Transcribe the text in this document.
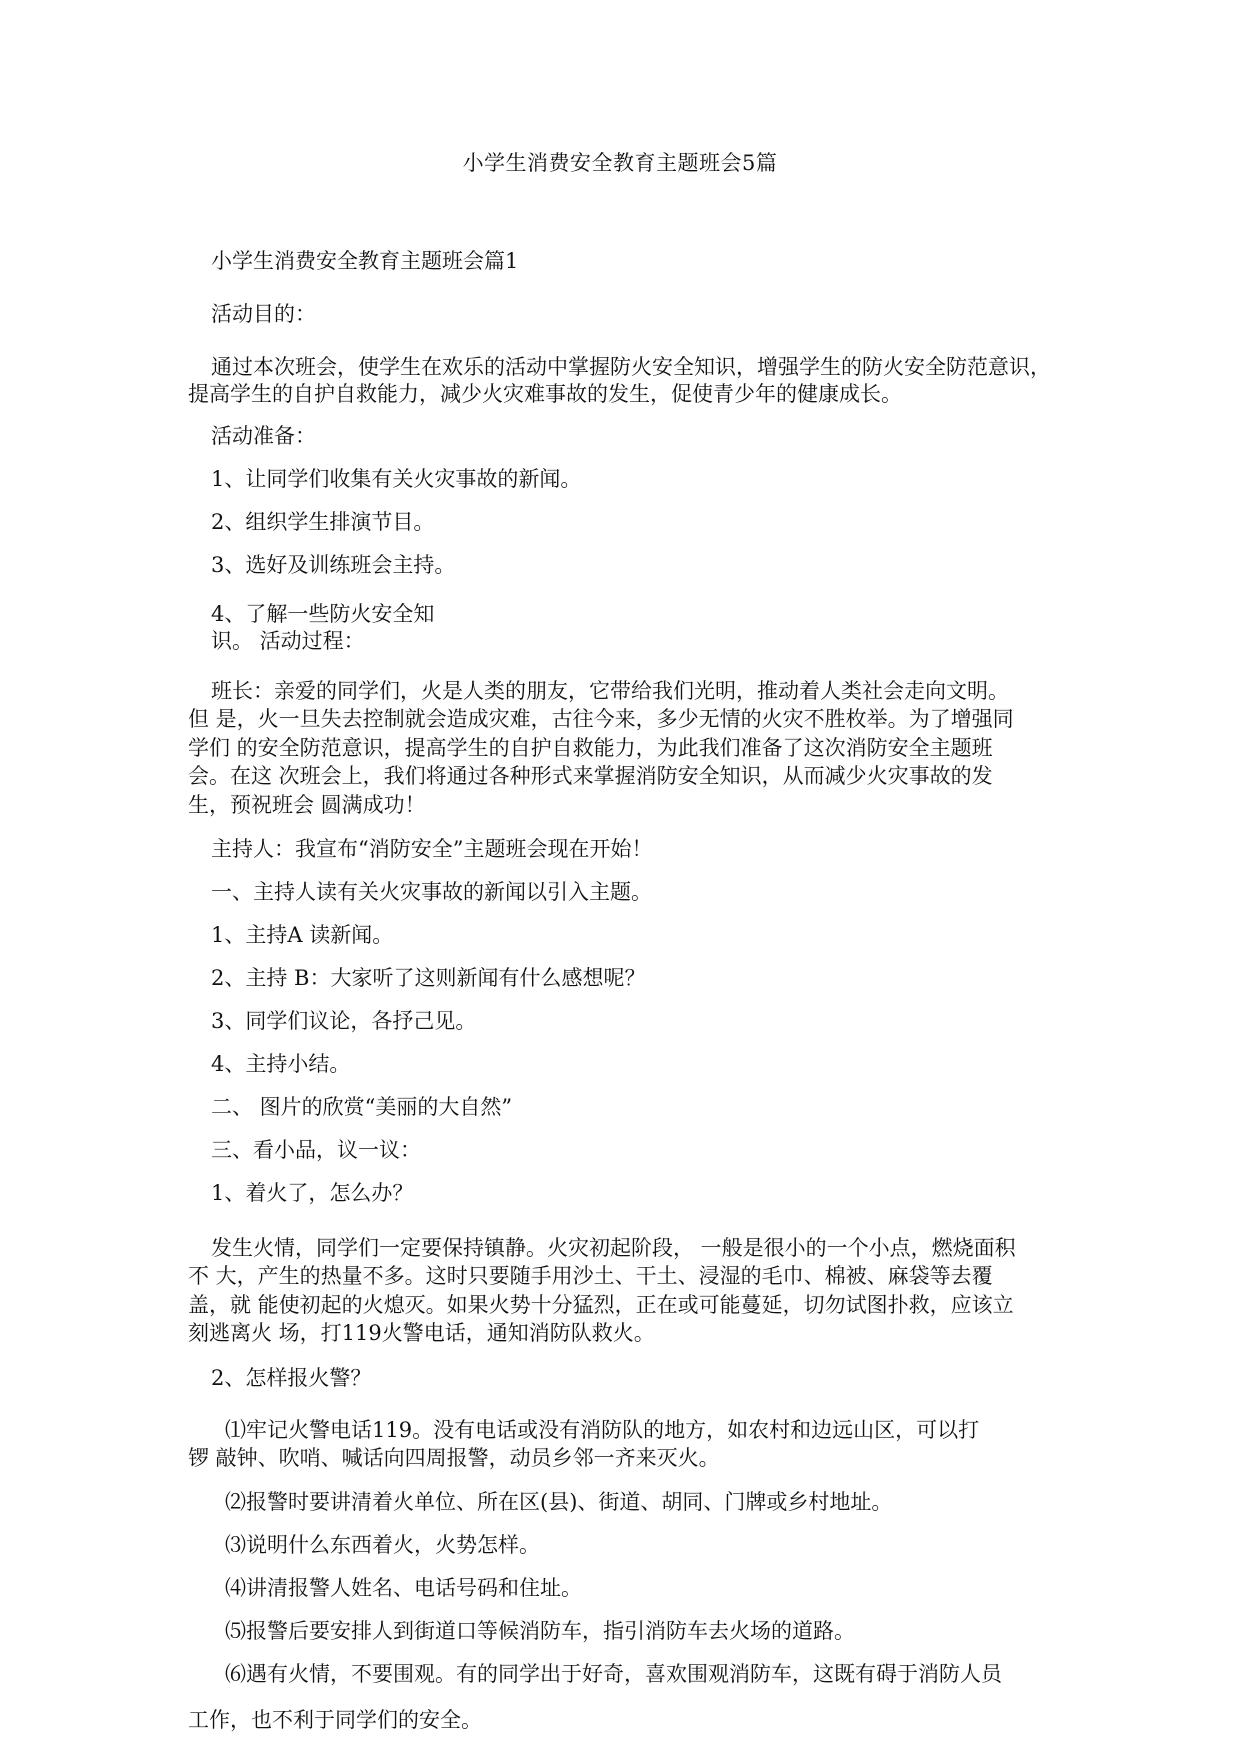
小学生消费安全教育主题班会5篇
小学生消费安全教育主题班会篇1
活动目的：
通过本次班会，使学生在欢乐的活动中掌握防火安全知识，增强学生的防火安全防范意识，
提高学生的自护自救能力，减少火灾难事故的发生，促使青少年的健康成长。
活动准备：
1、让同学们收集有关火灾事故的新闻。
2、组织学生排演节目。
3、选好及训练班会主持。
4、了解一些防火安全知
识。 活动过程：
班长：亲爱的同学们，火是人类的朋友，它带给我们光明，推动着人类社会走向文明。
但 是，火一旦失去控制就会造成灾难，古往今来，多少无情的火灾不胜枚举。为了增强同
学们 的安全防范意识，提高学生的自护自救能力，为此我们准备了这次消防安全主题班
会。在这 次班会上，我们将通过各种形式来掌握消防安全知识，从而减少火灾事故的发
生，预祝班会 圆满成功！
主持人：我宣布“消防安全”主题班会现在开始！
一、主持人读有关火灾事故的新闻以引入主题。
1、主持A 读新闻。
2、主持 B：大家听了这则新闻有什么感想呢？
3、同学们议论，各抒己见。
4、主持小结。
二、 图片的欣赏“美丽的大自然”
三、看小品，议一议：
1、着火了，怎么办？
发生火情，同学们一定要保持镇静。火灾初起阶段， 一般是很小的一个小点，燃烧面积
不 大，产生的热量不多。这时只要随手用沙土、干土、浸湿的毛巾、棉被、麻袋等去覆
盖，就 能使初起的火熄灭。如果火势十分猛烈，正在或可能蔓延，切勿试图扑救，应该立
刻逃离火 场，打119火警电话，通知消防队救火。
2、怎样报火警？
⑴牢记火警电话119。没有电话或没有消防队的地方，如农村和边远山区，可以打
锣 敲钟、吹哨、喊话向四周报警，动员乡邻一齐来灭火。
⑵报警时要讲清着火单位、所在区(县)、街道、胡同、门牌或乡村地址。
⑶说明什么东西着火，火势怎样。
⑷讲清报警人姓名、电话号码和住址。
⑸报警后要安排人到街道口等候消防车，指引消防车去火场的道路。
⑹遇有火情，不要围观。有的同学出于好奇，喜欢围观消防车，这既有碍于消防人员
工作，也不利于同学们的安全。
